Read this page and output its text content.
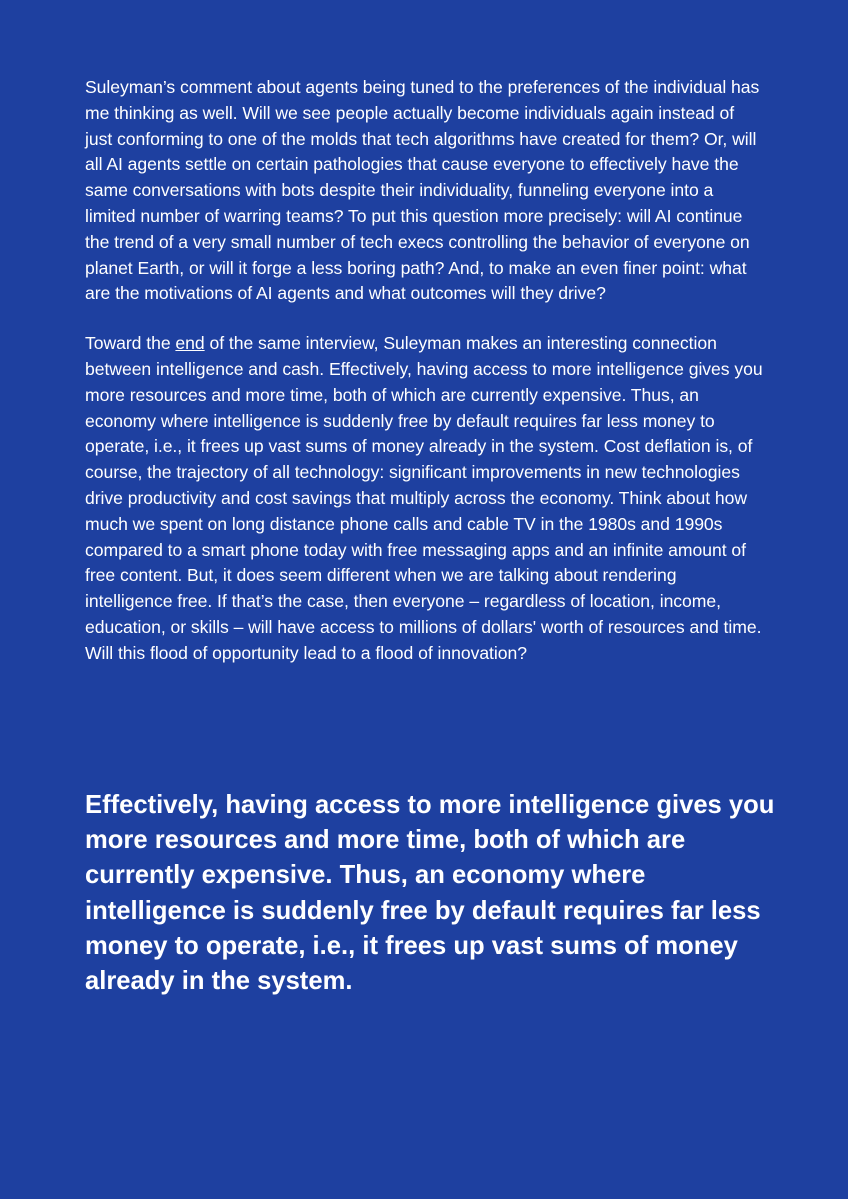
Suleyman’s comment about agents being tuned to the preferences of the individual has me thinking as well. Will we see people actually become individuals again instead of just conforming to one of the molds that tech algorithms have created for them? Or, will all AI agents settle on certain pathologies that cause everyone to effectively have the same conversations with bots despite their individuality, funneling everyone into a limited number of warring teams? To put this question more precisely: will AI continue the trend of a very small number of tech execs controlling the behavior of everyone on planet Earth, or will it forge a less boring path? And, to make an even finer point: what are the motivations of AI agents and what outcomes will they drive?

Toward the end of the same interview, Suleyman makes an interesting connection between intelligence and cash. Effectively, having access to more intelligence gives you more resources and more time, both of which are currently expensive. Thus, an economy where intelligence is suddenly free by default requires far less money to operate, i.e., it frees up vast sums of money already in the system. Cost deflation is, of course, the trajectory of all technology: significant improvements in new technologies drive productivity and cost savings that multiply across the economy. Think about how much we spent on long distance phone calls and cable TV in the 1980s and 1990s compared to a smart phone today with free messaging apps and an infinite amount of free content. But, it does seem different when we are talking about rendering intelligence free. If that’s the case, then everyone – regardless of location, income, education, or skills – will have access to millions of dollars' worth of resources and time. Will this flood of opportunity lead to a flood of innovation?

Effectively, having access to more intelligence gives you more resources and more time, both of which are currently expensive. Thus, an economy where intelligence is suddenly free by default requires far less money to operate, i.e., it frees up vast sums of money already in the system.
